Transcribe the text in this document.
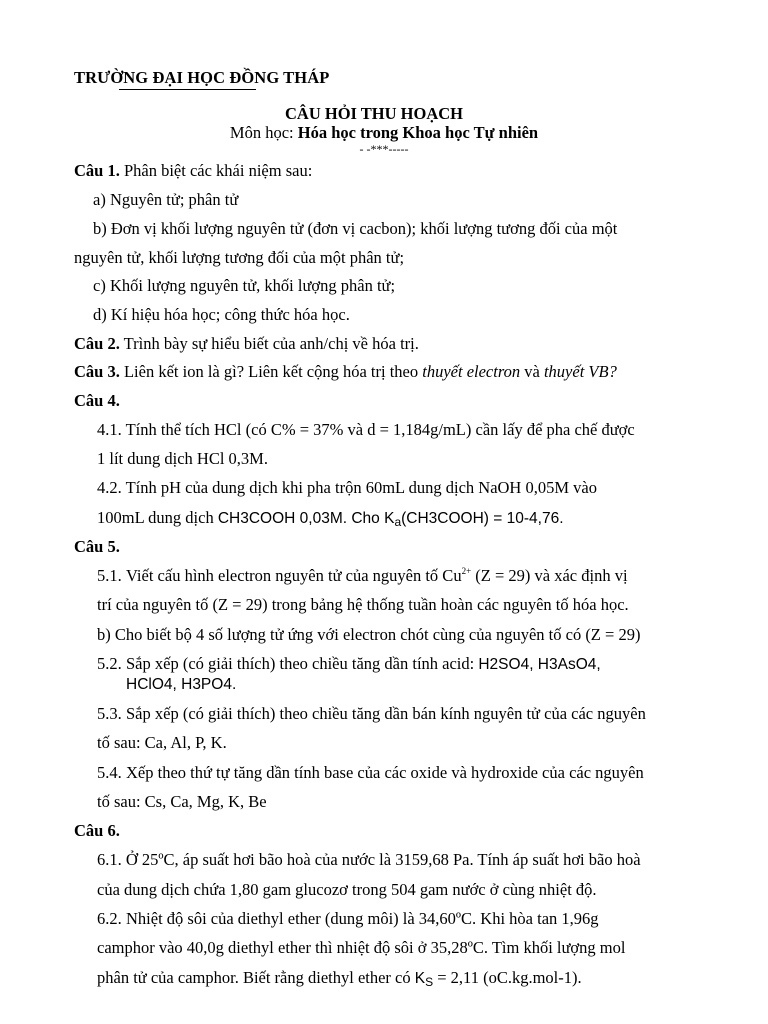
TRƯỜNG ĐẠI HỌC ĐỒNG THÁP
CÂU HỎI THU HOẠCH
Môn học: Hóa học trong Khoa học Tự nhiên
- -***-----
Câu 1. Phân biệt các khái niệm sau:
a) Nguyên tử; phân tử
b) Đơn vị khối lượng nguyên tử (đơn vị cacbon); khối lượng tương đối của một
nguyên tử, khối lượng tương đối của một phân tử;
c) Khối lượng nguyên tử, khối lượng phân tử;
d) Kí hiệu hóa học; công thức hóa học.
Câu 2. Trình bày sự hiểu biết của anh/chị về hóa trị.
Câu 3. Liên kết ion là gì? Liên kết cộng hóa trị theo thuyết electron và thuyết VB?
Câu 4.
4.1. Tính thể tích HCl (có C% = 37% và d = 1,184g/mL) cần lấy để pha chế được
1 lít dung dịch HCl 0,3M.
4.2. Tính pH của dung dịch khi pha trộn 60mL dung dịch NaOH 0,05M vào
100mL dung dịch CH3COOH 0,03M. Cho $K_a(CH3COOH) = 10-4,76$.
Câu 5.
5.1. Viết cấu hình electron nguyên tử của nguyên tố $Cu^{2+}$ (Z = 29) và xác định vị
trí của nguyên tố (Z = 29) trong bảng hệ thống tuần hoàn các nguyên tố hóa học.
b) Cho biết bộ 4 số lượng tử ứng với electron chót cùng của nguyên tố có (Z = 29)
5.2. Sắp xếp (có giải thích) theo chiều tăng dần tính acid: H2SO4, H3AsO4,
HClO4, H3PO4.
5.3. Sắp xếp (có giải thích) theo chiều tăng dần bán kính nguyên tử của các nguyên
tố sau: Ca, Al, P, K.
5.4. Xếp theo thứ tự tăng dần tính base của các oxide và hydroxide của các nguyên
tố sau: Cs, Ca, Mg, K, Be
Câu 6.
6.1. Ở 25ºC, áp suất hơi bão hoà của nước là 3159,68 Pa. Tính áp suất hơi bão hoà
của dung dịch chứa 1,80 gam glucozơ trong 504 gam nước ở cùng nhiệt độ.
6.2. Nhiệt độ sôi của diethyl ether (dung môi) là 34,60ºC. Khi hòa tan 1,96g
camphor vào 40,0g diethyl ether thì nhiệt độ sôi ở 35,28ºC. Tìm khối lượng mol
phân tử của camphor. Biết rằng diethyl ether có $K_S = 2,11$ (oC.kg.mol-1).
